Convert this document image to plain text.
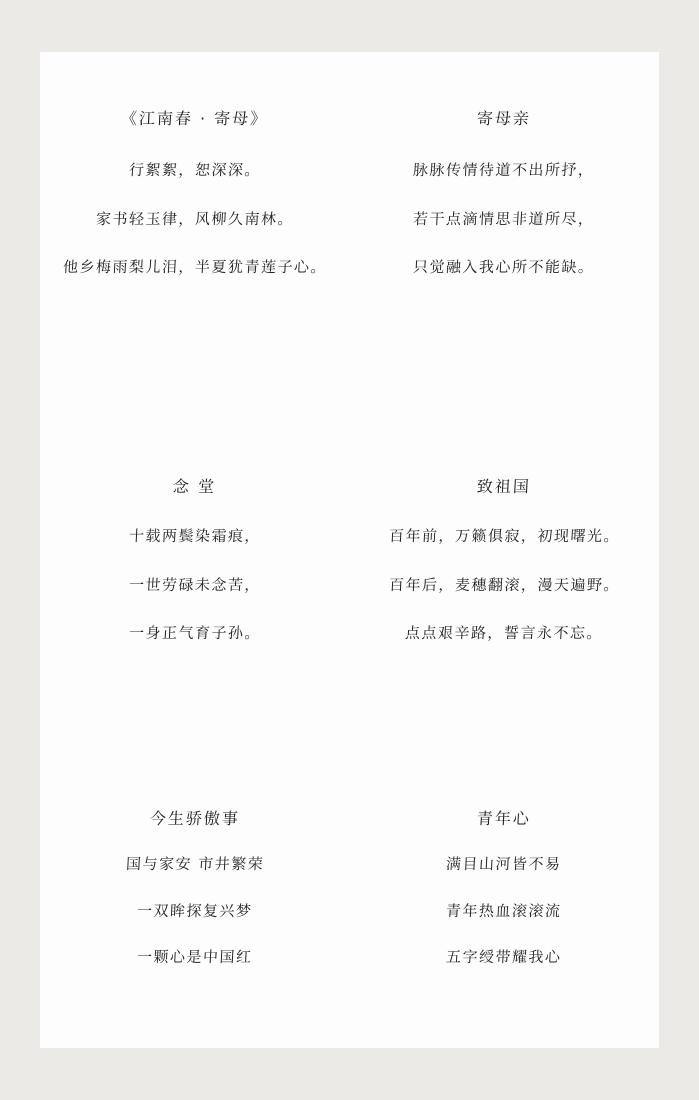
《江南春 · 寄母》
行絮絮，恕深深。
家书轻玉律，风柳久南林。
他乡梅雨梨儿泪，半夏犹青莲子心。
寄母亲
脉脉传情待道不出所抒，
若干点滴情思非道所尽，
只觉融入我心所不能缺。
念 堂
十载两鬓染霜痕，
一世劳碌未念苦，
一身正气育子孙。
致祖国
百年前，万籁俱寂，初现曙光。
百年后，麦穗翻滚，漫天遍野。
点点艰辛路，誓言永不忘。
今生骄傲事
国与家安 市井繁荣
一双眸探复兴梦
一颗心是中国红
青年心
满目山河皆不易
青年热血滚滚流
五字绶带耀我心
